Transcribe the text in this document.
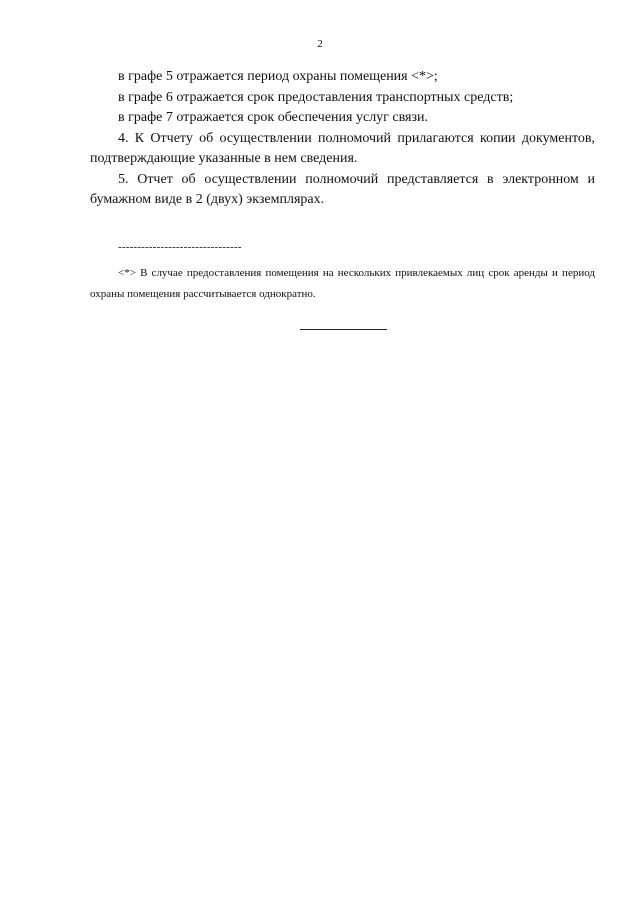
2

в графе 5 отражается период охраны помещения <*>;

в графе 6 отражается срок предоставления транспортных средств;

в графе 7 отражается срок обеспечения услуг связи.

4. К Отчету об осуществлении полномочий прилагаются копии документов, подтверждающие указанные в нем сведения.

5. Отчет об осуществлении полномочий представляется в электронном и бумажном виде в 2 (двух) экземплярах.

--------------------------------

<*> В случае предоставления помещения на нескольких привлекаемых лиц срок аренды и период охраны помещения рассчитывается однократно.
